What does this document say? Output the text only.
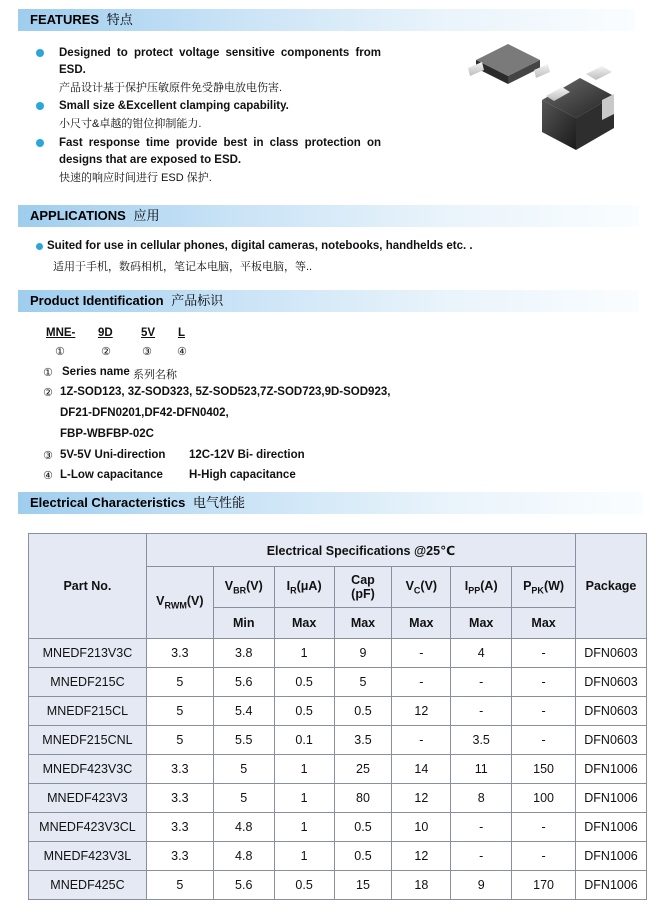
FEATURES 特点
Designed to protect voltage sensitive components from ESD.
产品设计基于保护压敏原件免受静电放电伤害.
Small size &Excellent clamping capability.
小尺寸&卓越的钳位抑制能力.
Fast response time provide best in class protection on designs that are exposed to ESD.
快速的响应时间进行 ESD 保护.
APPLICATIONS 应用
Suited for use in cellular phones, digital cameras, notebooks, handhelds etc. .
适用于手机，数码相机，笔记本电脑，平板电脑，等..
Product Identification 产品标识
MNE- 9D 5V L
①	②	③ ④
① Series name 系列名称
② 1Z-SOD123, 3Z-SOD323, 5Z-SOD523,7Z-SOD723,9D-SOD923,
DF21-DFN0201,DF42-DFN0402,
FBP-WBFBP-02C
③ 5V-5V Uni-direction 12C-12V Bi- direction
④ L-Low capacitance H-High capacitance
Electrical Characteristics 电气性能
Part No.	Electrical Specifications @25℃							Package
	$V_{RWM}(V)$	$V_{BR}(V)$	$I_R(\mu A)$	Cap
(pF)	$V_C(V)$	$I_{PP}(A)$	$P_{PK}(W)$	
		Min	Max	Max	Max	Max	Max	
MNEDF213V3C	3.3	3.8	1	9	-	4	-	DFN0603
MNEDF215C	5	5.6	0.5	5	-	-	-	DFN0603
MNEDF215CL	5	5.4	0.5	0.5	12	-	-	DFN0603
MNEDF215CNL	5	5.5	0.1	3.5	-	3.5	-	DFN0603
MNEDF423V3C	3.3	5	1	25	14	11	150	DFN1006
MNEDF423V3	3.3	5	1	80	12	8	100	DFN1006
MNEDF423V3CL	3.3	4.8	1	0.5	10	-	-	DFN1006
MNEDF423V3L	3.3	4.8	1	0.5	12	-	-	DFN1006
MNEDF425C	5	5.6	0.5	15	18	9	170	DFN1006
